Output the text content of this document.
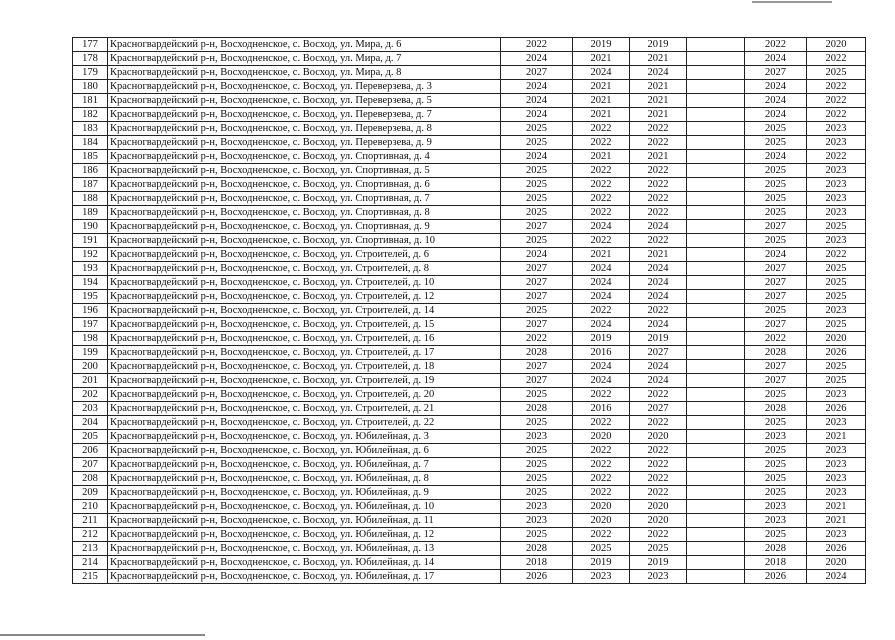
177	Красногвардейский р-н, Восходненское, с. Восход, ул. Мира, д. 6	2022	2019	2019		2022	2020
178	Красногвардейский р-н, Восходненское, с. Восход, ул. Мира, д. 7	2024	2021	2021		2024	2022
179	Красногвардейский р-н, Восходненское, с. Восход, ул. Мира, д. 8	2027	2024	2024		2027	2025
180	Красногвардейский р-н, Восходненское, с. Восход, ул. Переверзева, д. 3	2024	2021	2021		2024	2022
181	Красногвардейский р-н, Восходненское, с. Восход, ул. Переверзева, д. 5	2024	2021	2021		2024	2022
182	Красногвардейский р-н, Восходненское, с. Восход, ул. Переверзева, д. 7	2024	2021	2021		2024	2022
183	Красногвардейский р-н, Восходненское, с. Восход, ул. Переверзева, д. 8	2025	2022	2022		2025	2023
184	Красногвардейский р-н, Восходненское, с. Восход, ул. Переверзева, д. 9	2025	2022	2022		2025	2023
185	Красногвардейский р-н, Восходненское, с. Восход, ул. Спортивная, д. 4	2024	2021	2021		2024	2022
186	Красногвардейский р-н, Восходненское, с. Восход, ул. Спортивная, д. 5	2025	2022	2022		2025	2023
187	Красногвардейский р-н, Восходненское, с. Восход, ул. Спортивная, д. 6	2025	2022	2022		2025	2023
188	Красногвардейский р-н, Восходненское, с. Восход, ул. Спортивная, д. 7	2025	2022	2022		2025	2023
189	Красногвардейский р-н, Восходненское, с. Восход, ул. Спортивная, д. 8	2025	2022	2022		2025	2023
190	Красногвардейский р-н, Восходненское, с. Восход, ул. Спортивная, д. 9	2027	2024	2024		2027	2025
191	Красногвардейский р-н, Восходненское, с. Восход, ул. Спортивная, д. 10	2025	2022	2022		2025	2023
192	Красногвардейский р-н, Восходненское, с. Восход, ул. Строителей, д. 6	2024	2021	2021		2024	2022
193	Красногвардейский р-н, Восходненское, с. Восход, ул. Строителей, д. 8	2027	2024	2024		2027	2025
194	Красногвардейский р-н, Восходненское, с. Восход, ул. Строителей, д. 10	2027	2024	2024		2027	2025
195	Красногвардейский р-н, Восходненское, с. Восход, ул. Строителей, д. 12	2027	2024	2024		2027	2025
196	Красногвардейский р-н, Восходненское, с. Восход, ул. Строителей, д. 14	2025	2022	2022		2025	2023
197	Красногвардейский р-н, Восходненское, с. Восход, ул. Строителей, д. 15	2027	2024	2024		2027	2025
198	Красногвардейский р-н, Восходненское, с. Восход, ул. Строителей, д. 16	2022	2019	2019		2022	2020
199	Красногвардейский р-н, Восходненское, с. Восход, ул. Строителей, д. 17	2028	2016	2027		2028	2026
200	Красногвардейский р-н, Восходненское, с. Восход, ул. Строителей, д. 18	2027	2024	2024		2027	2025
201	Красногвардейский р-н, Восходненское, с. Восход, ул. Строителей, д. 19	2027	2024	2024		2027	2025
202	Красногвардейский р-н, Восходненское, с. Восход, ул. Строителей, д. 20	2025	2022	2022		2025	2023
203	Красногвардейский р-н, Восходненское, с. Восход, ул. Строителей, д. 21	2028	2016	2027		2028	2026
204	Красногвардейский р-н, Восходненское, с. Восход, ул. Строителей, д. 22	2025	2022	2022		2025	2023
205	Красногвардейский р-н, Восходненское, с. Восход, ул. Юбилейная, д. 3	2023	2020	2020		2023	2021
206	Красногвардейский р-н, Восходненское, с. Восход, ул. Юбилейная, д. 6	2025	2022	2022		2025	2023
207	Красногвардейский р-н, Восходненское, с. Восход, ул. Юбилейная, д. 7	2025	2022	2022		2025	2023
208	Красногвардейский р-н, Восходненское, с. Восход, ул. Юбилейная, д. 8	2025	2022	2022		2025	2023
209	Красногвардейский р-н, Восходненское, с. Восход, ул. Юбилейная, д. 9	2025	2022	2022		2025	2023
210	Красногвардейский р-н, Восходненское, с. Восход, ул. Юбилейная, д. 10	2023	2020	2020		2023	2021
211	Красногвардейский р-н, Восходненское, с. Восход, ул. Юбилейная, д. 11	2023	2020	2020		2023	2021
212	Красногвардейский р-н, Восходненское, с. Восход, ул. Юбилейная, д. 12	2025	2022	2022		2025	2023
213	Красногвардейский р-н, Восходненское, с. Восход, ул. Юбилейная, д. 13	2028	2025	2025		2028	2026
214	Красногвардейский р-н, Восходненское, с. Восход, ул. Юбилейная, д. 14	2018	2019	2019		2018	2020
215	Красногвардейский р-н, Восходненское, с. Восход, ул. Юбилейная, д. 17	2026	2023	2023		2026	2024
